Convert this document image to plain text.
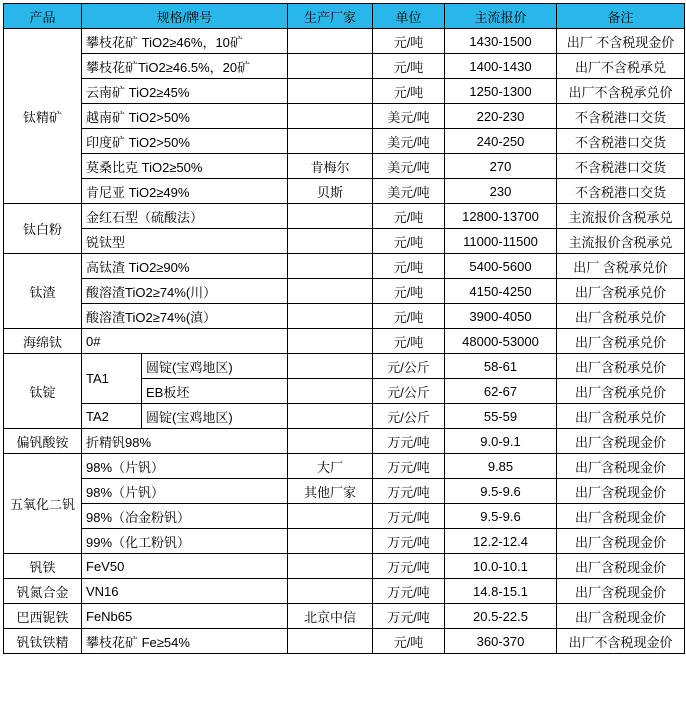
产品	规格/牌号		生产厂家	单位	主流报价	备注
钛精矿	攀枝花矿 TiO2≥46%，10矿			元/吨	1430-1500	出厂 不含税现金价
	攀枝花矿TiO2≥46.5%，20矿			元/吨	1400-1430	出厂不含税承兑
	云南矿 TiO2≥45%			元/吨	1250-1300	出厂不含税承兑价
	越南矿 TiO2>50%			美元/吨	220-230	不含税港口交货
	印度矿 TiO2>50%			美元/吨	240-250	不含税港口交货
	莫桑比克 TiO2≥50%		肯梅尔	美元/吨	270	不含税港口交货
	肯尼亚 TiO2≥49%		贝斯	美元/吨	230	不含税港口交货
钛白粉	金红石型（硫酸法）			元/吨	12800-13700	主流报价含税承兑
	锐钛型			元/吨	11000-11500	主流报价含税承兑
钛渣	高钛渣 TiO2≥90%			元/吨	5400-5600	出厂 含税承兑价
	酸溶渣TiO2≥74%(川）			元/吨	4150-4250	出厂含税承兑价
	酸溶渣TiO2≥74%(滇）			元/吨	3900-4050	出厂含税承兑价
海绵钛	0#			元/吨	48000-53000	出厂含税承兑价
钛锭	TA1	圆锭(宝鸡地区)		元/公斤	58-61	出厂含税承兑价
		EB板坯		元/公斤	62-67	出厂含税承兑价
	TA2	圆锭(宝鸡地区)		元/公斤	55-59	出厂含税承兑价
偏钒酸铵	折精钒98%			万元/吨	9.0-9.1	出厂含税现金价
五氧化二钒	98%（片钒）		大厂	万元/吨	9.85	出厂含税现金价
	98%（片钒）		其他厂家	万元/吨	9.5-9.6	出厂含税现金价
	98%（冶金粉钒）			万元/吨	9.5-9.6	出厂含税现金价
	99%（化工粉钒）			万元/吨	12.2-12.4	出厂含税现金价
钒铁	FeV50			万元/吨	10.0-10.1	出厂含税现金价
钒氮合金	VN16			万元/吨	14.8-15.1	出厂含税现金价
巴西铌铁	FeNb65		北京中信	万元/吨	20.5-22.5	出厂含税现金价
钒钛铁精	攀枝花矿 Fe≥54%			元/吨	360-370	出厂不含税现金价
